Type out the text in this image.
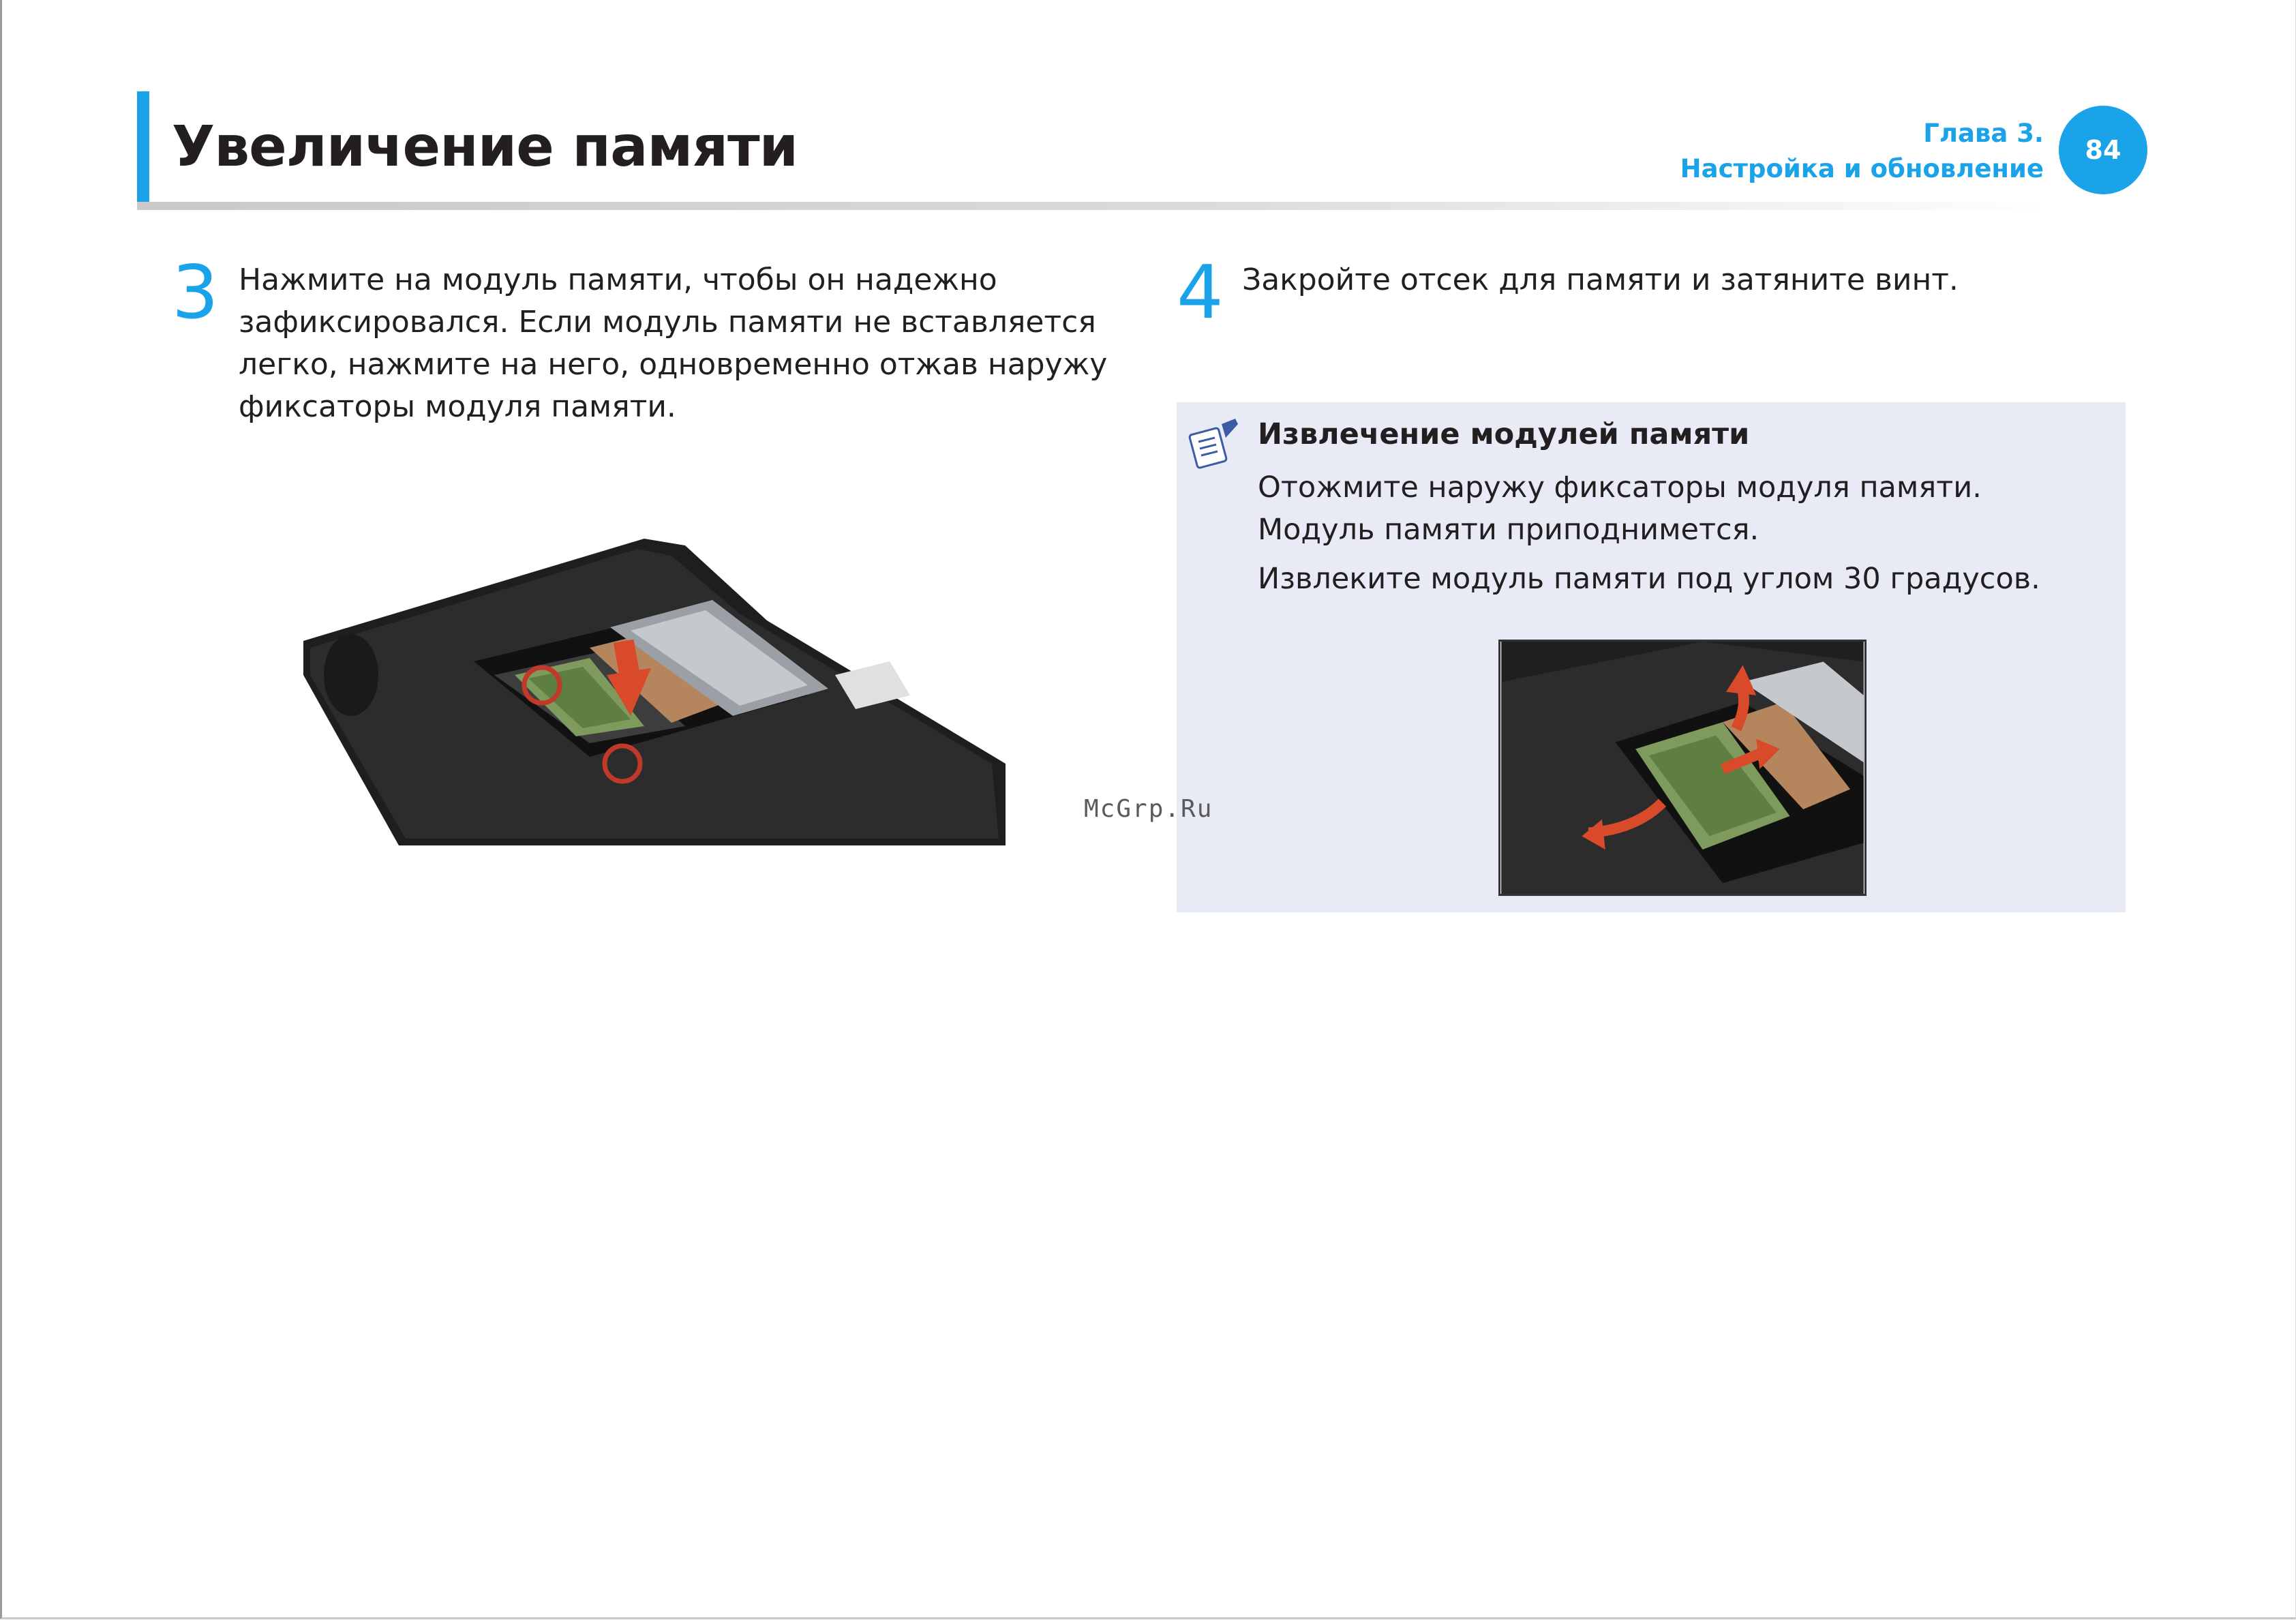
Увеличение памяти	Глава 3.
Настройка и обновление
84
3 Нажмите на модуль памяти, чтобы он надежно
зафиксировался. Если модуль памяти не вставляется
легко, нажмите на него, одновременно отжав наружу
фиксаторы модуля памяти.
4 Закройте отсек для памяти и затяните винт.
Извлечение модулей памяти
Отожмите наружу фиксаторы модуля памяти.
Модуль памяти приподнимется.
Извлеките модуль памяти под углом 30 градусов.
McGrp.Ru
